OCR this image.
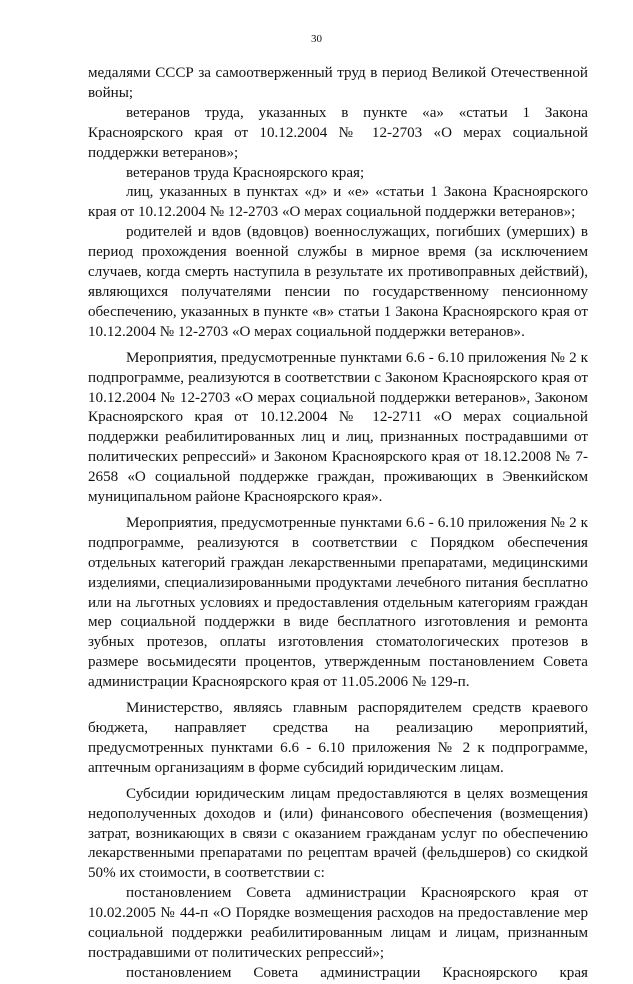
30

медалями СССР за самоотверженный труд в период Великой Отечественной войны;

ветеранов труда, указанных в пункте «а» «статьи 1 Закона Красноярского края от 10.12.2004 № 12-2703 «О мерах социальной поддержки ветеранов»;

ветеранов труда Красноярского края;

лиц, указанных в пунктах «д» и «е» «статьи 1 Закона Красноярского края от 10.12.2004 № 12-2703 «О мерах социальной поддержки ветеранов»;

родителей и вдов (вдовцов) военнослужащих, погибших (умерших) в период прохождения военной службы в мирное время (за исключением случаев, когда смерть наступила в результате их противоправных действий), являющихся получателями пенсии по государственному пенсионному обеспечению, указанных в пункте «в» статьи 1 Закона Красноярского края от 10.12.2004 № 12-2703 «О мерах социальной поддержки ветеранов».

Мероприятия, предусмотренные пунктами 6.6 - 6.10 приложения № 2 к подпрограмме, реализуются в соответствии с Законом Красноярского края от 10.12.2004 № 12-2703 «О мерах социальной поддержки ветеранов», Законом Красноярского края от 10.12.2004 № 12-2711 «О мерах социальной поддержки реабилитированных лиц и лиц, признанных пострадавшими от политических репрессий» и Законом Красноярского края от 18.12.2008 № 7-2658 «О социальной поддержке граждан, проживающих в Эвенкийском муниципальном районе Красноярского края».

Мероприятия, предусмотренные пунктами 6.6 - 6.10 приложения № 2 к подпрограмме, реализуются в соответствии с Порядком обеспечения отдельных категорий граждан лекарственными препаратами, медицинскими изделиями, специализированными продуктами лечебного питания бесплатно или на льготных условиях и предоставления отдельным категориям граждан мер социальной поддержки в виде бесплатного изготовления и ремонта зубных протезов, оплаты изготовления стоматологических протезов в размере восьмидесяти процентов, утвержденным постановлением Совета администрации Красноярского края от 11.05.2006 № 129-п.

Министерство, являясь главным распорядителем средств краевого бюджета, направляет средства на реализацию мероприятий, предусмотренных пунктами 6.6 - 6.10 приложения № 2 к подпрограмме, аптечным организациям в форме субсидий юридическим лицам.

Субсидии юридическим лицам предоставляются в целях возмещения недополученных доходов и (или) финансового обеспечения (возмещения) затрат, возникающих в связи с оказанием гражданам услуг по обеспечению лекарственными препаратами по рецептам врачей (фельдшеров) со скидкой 50% их стоимости, в соответствии с:

постановлением Совета администрации Красноярского края от 10.02.2005 № 44-п «О Порядке возмещения расходов на предоставление мер социальной поддержки реабилитированным лицам и лицам, признанным пострадавшими от политических репрессий»;

постановлением Совета администрации Красноярского края
